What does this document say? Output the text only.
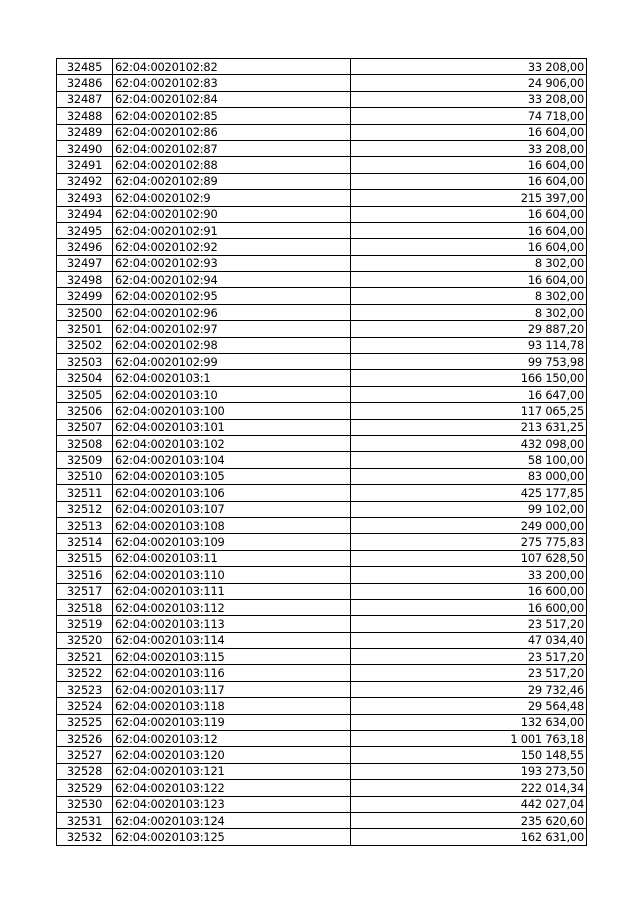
32485	62:04:0020102:82	33 208,00
32486	62:04:0020102:83	24 906,00
32487	62:04:0020102:84	33 208,00
32488	62:04:0020102:85	74 718,00
32489	62:04:0020102:86	16 604,00
32490	62:04:0020102:87	33 208,00
32491	62:04:0020102:88	16 604,00
32492	62:04:0020102:89	16 604,00
32493	62:04:0020102:9	215 397,00
32494	62:04:0020102:90	16 604,00
32495	62:04:0020102:91	16 604,00
32496	62:04:0020102:92	16 604,00
32497	62:04:0020102:93	8 302,00
32498	62:04:0020102:94	16 604,00
32499	62:04:0020102:95	8 302,00
32500	62:04:0020102:96	8 302,00
32501	62:04:0020102:97	29 887,20
32502	62:04:0020102:98	93 114,78
32503	62:04:0020102:99	99 753,98
32504	62:04:0020103:1	166 150,00
32505	62:04:0020103:10	16 647,00
32506	62:04:0020103:100	117 065,25
32507	62:04:0020103:101	213 631,25
32508	62:04:0020103:102	432 098,00
32509	62:04:0020103:104	58 100,00
32510	62:04:0020103:105	83 000,00
32511	62:04:0020103:106	425 177,85
32512	62:04:0020103:107	99 102,00
32513	62:04:0020103:108	249 000,00
32514	62:04:0020103:109	275 775,83
32515	62:04:0020103:11	107 628,50
32516	62:04:0020103:110	33 200,00
32517	62:04:0020103:111	16 600,00
32518	62:04:0020103:112	16 600,00
32519	62:04:0020103:113	23 517,20
32520	62:04:0020103:114	47 034,40
32521	62:04:0020103:115	23 517,20
32522	62:04:0020103:116	23 517,20
32523	62:04:0020103:117	29 732,46
32524	62:04:0020103:118	29 564,48
32525	62:04:0020103:119	132 634,00
32526	62:04:0020103:12	1 001 763,18
32527	62:04:0020103:120	150 148,55
32528	62:04:0020103:121	193 273,50
32529	62:04:0020103:122	222 014,34
32530	62:04:0020103:123	442 027,04
32531	62:04:0020103:124	235 620,60
32532	62:04:0020103:125	162 631,00
